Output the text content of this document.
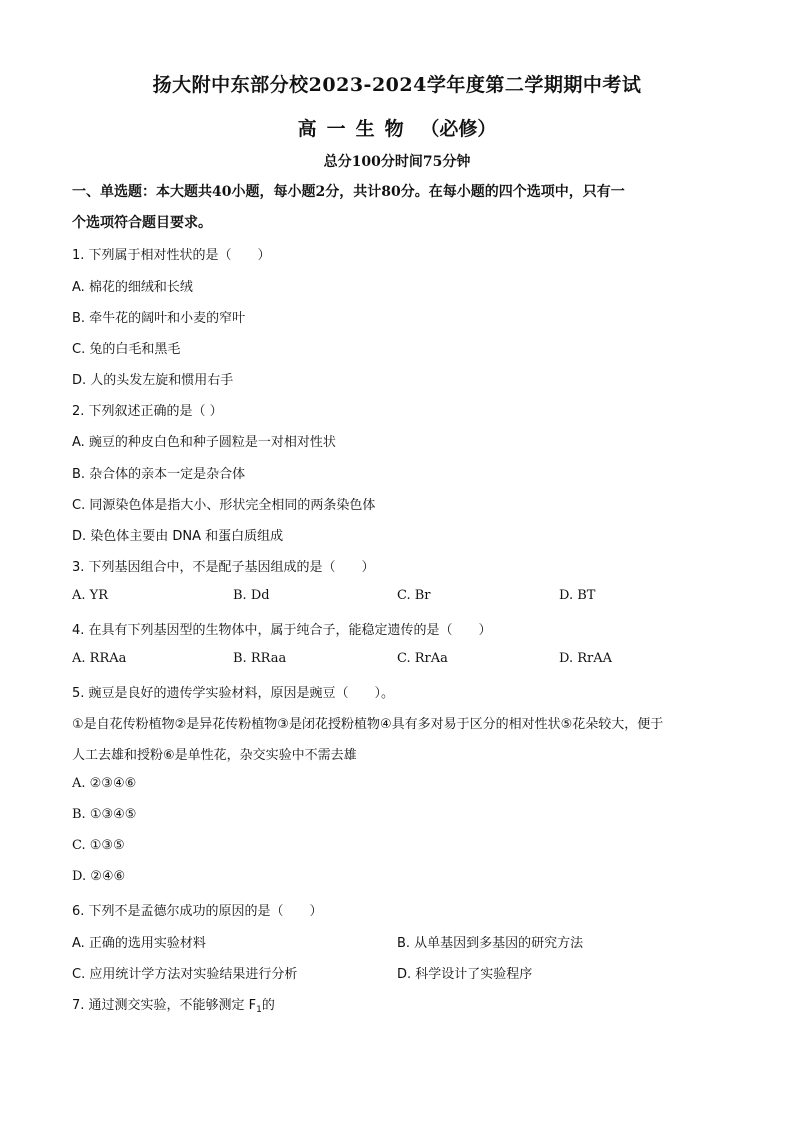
扬大附中东部分校2023-2024学年度第二学期期中考试
高一生物 （必修）
总分100分时间75分钟
一、单选题：本大题共40小题，每小题2分，共计80分。在每小题的四个选项中，只有一
个选项符合题目要求。
1. 下列属于相对性状的是（　　）
A. 棉花的细绒和长绒
B. 牵牛花的阔叶和小麦的窄叶
C. 兔的白毛和黑毛
D. 人的头发左旋和惯用右手
2. 下列叙述正确的是（ ）
A. 豌豆的种皮白色和种子圆粒是一对相对性状
B. 杂合体的亲本一定是杂合体
C. 同源染色体是指大小、形状完全相同的两条染色体
D. 染色体主要由 DNA 和蛋白质组成
3. 下列基因组合中，不是配子基因组成的是（　　）
A. YR	B. Dd	C. Br	D. BT
4. 在具有下列基因型的生物体中，属于纯合子，能稳定遗传的是（　　）
A. RRAa	B. RRaa	C. RrAa	D. RrAA
5. 豌豆是良好的遗传学实验材料，原因是豌豆（　　）。
①是自花传粉植物②是异花传粉植物③是闭花授粉植物④具有多对易于区分的相对性状⑤花朵较大，便于
人工去雄和授粉⑥是单性花，杂交实验中不需去雄
A. ②③④⑥
B. ①③④⑤
C. ①③⑤
D. ②④⑥
6. 下列不是孟德尔成功的原因的是（　　）
A. 正确的选用实验材料	B. 从单基因到多基因的研究方法
C. 应用统计学方法对实验结果进行分析	D. 科学设计了实验程序
7. 通过测交实验，不能够测定 $F_1$的
